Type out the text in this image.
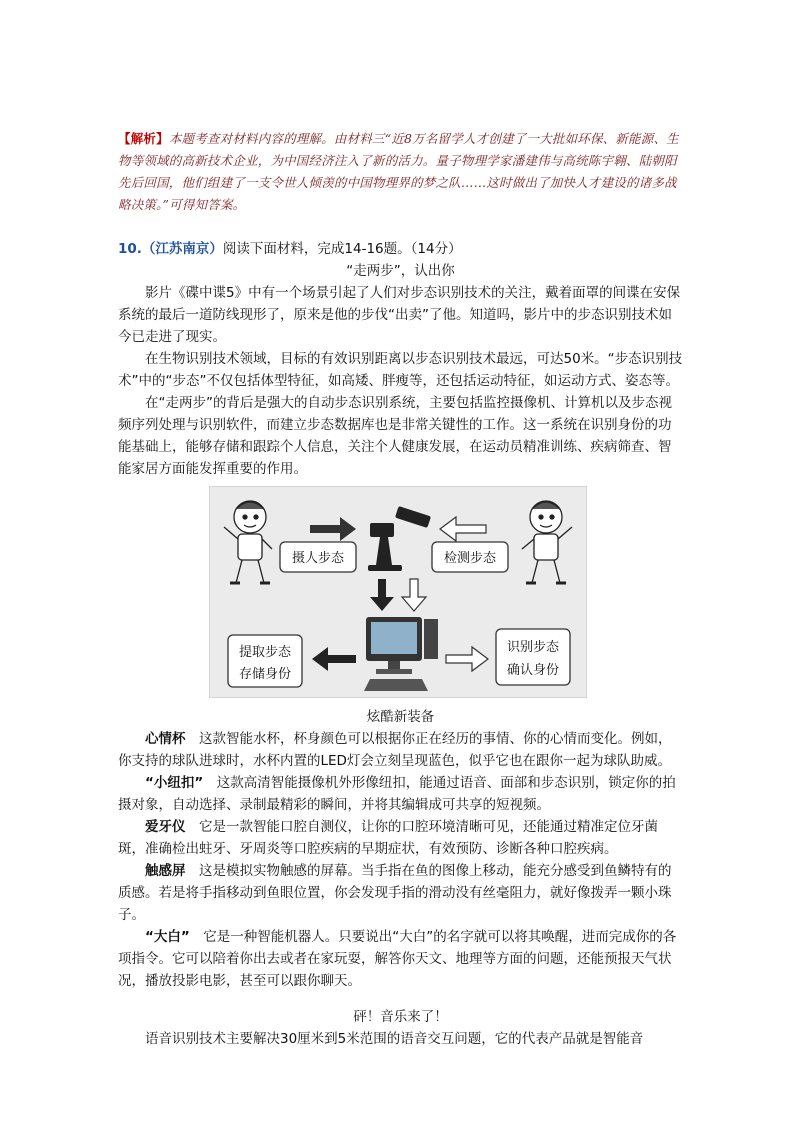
【解析】本题考查对材料内容的理解。由材料三“近8万名留学人才创建了一大批如环保、新能源、生物等领域的高新技术企业，为中国经济注入了新的活力。量子物理学家潘建伟与高统陈宇翱、陆朝阳先后回国，他们组建了一支令世人倾羡的中国物理界的梦之队……这时做出了加快人才建设的诸多战略决策。”可得知答案。
10.（江苏南京）阅读下面材料，完成14-16题。（14分）
“走两步”，认出你

影片《碟中谍5》中有一个场景引起了人们对步态识别技术的关注，戴着面罩的间谍在安保系统的最后一道防线现形了，原来是他的步伐“出卖”了他。知道吗，影片中的步态识别技术如今已走进了现实。

在生物识别技术领域，目标的有效识别距离以步态识别技术最远，可达50米。“步态识别技术”中的“步态”不仅包括体型特征，如高矮、胖瘦等，还包括运动特征，如运动方式、姿态等。

在“走两步”的背后是强大的自动步态识别系统，主要包括监控摄像机、计算机以及步态视频序列处理与识别软件，而建立步态数据库也是非常关键性的工作。这一系统在识别身份的功能基础上，能够存储和跟踪个人信息，关注个人健康发展，在运动员精准训练、疾病筛查、智能家居方面能发挥重要的作用。

摄人步态	检测步态
提取步态
存储身份
识别步态
确认身份
炫酷新装备

心情杯　 这款智能水杯，杯身颜色可以根据你正在经历的事情、你的心情而变化。例如，你支持的球队进球时，水杯内置的LED灯会立刻呈现蓝色，似乎它也在跟你一起为球队助威。

“小纽扣”　 这款高清智能摄像机外形像纽扣，能通过语音、面部和步态识别，锁定你的拍摄对象，自动选择、录制最精彩的瞬间，并将其编辑成可共享的短视频。

爱牙仪　 它是一款智能口腔自测仪，让你的口腔环境清晰可见，还能通过精准定位牙菌斑，准确检出蛀牙、牙周炎等口腔疾病的早期症状，有效预防、诊断各种口腔疾病。

触感屏　 这是模拟实物触感的屏幕。当手指在鱼的图像上移动，能充分感受到鱼鳞特有的质感。若是将手指移动到鱼眼位置，你会发现手指的滑动没有丝毫阻力，就好像拨弄一颗小珠子。

“大白”　 它是一种智能机器人。只要说出“大白”的名字就可以将其唤醒，进而完成你的各项指令。它可以陪着你出去或者在家玩耍，解答你天文、地理等方面的问题，还能预报天气状况，播放投影电影，甚至可以跟你聊天。

砰！音乐来了！

语音识别技术主要解决30厘米到5米范围的语音交互问题，它的代表产品就是智能音
